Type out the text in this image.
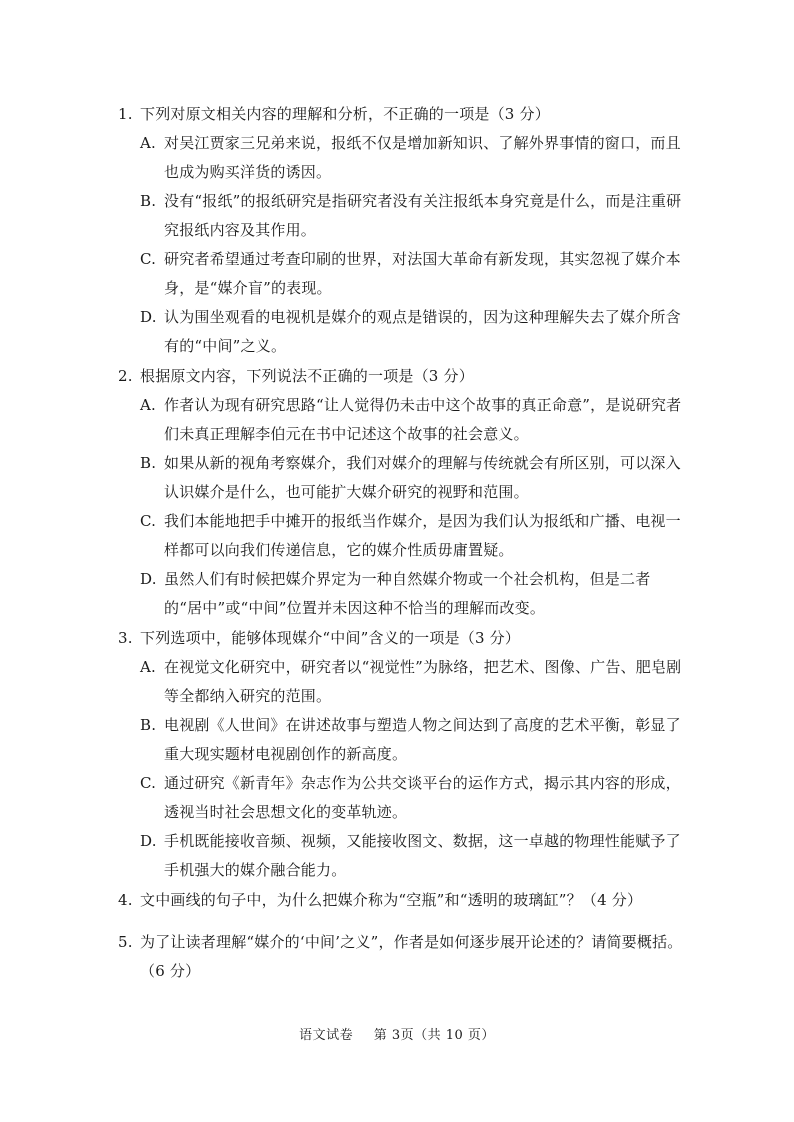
1. 下列对原文相关内容的理解和分析，不正确的一项是（3 分）
A. 对吴江贾家三兄弟来说，报纸不仅是增加新知识、了解外界事情的窗口，而且也成为购买洋货的诱因。
B. 没有“报纸”的报纸研究是指研究者没有关注报纸本身究竟是什么，而是注重研究报纸内容及其作用。
C. 研究者希望通过考查印刷的世界，对法国大革命有新发现，其实忽视了媒介本身，是“媒介盲”的表现。
D. 认为围坐观看的电视机是媒介的观点是错误的，因为这种理解失去了媒介所含有的“中间”之义。
2. 根据原文内容，下列说法不正确的一项是（3 分）
A. 作者认为现有研究思路“让人觉得仍未击中这个故事的真正命意”，是说研究者们未真正理解李伯元在书中记述这个故事的社会意义。
B. 如果从新的视角考察媒介，我们对媒介的理解与传统就会有所区别，可以深入认识媒介是什么，也可能扩大媒介研究的视野和范围。
C. 我们本能地把手中摊开的报纸当作媒介，是因为我们认为报纸和广播、电视一样都可以向我们传递信息，它的媒介性质毋庸置疑。
D. 虽然人们有时候把媒介界定为一种自然媒介物或一个社会机构，但是二者的“居中”或“中间”位置并未因这种不恰当的理解而改变。
3. 下列选项中，能够体现媒介“中间”含义的一项是（3 分）
A. 在视觉文化研究中，研究者以“视觉性”为脉络，把艺术、图像、广告、肥皂剧等全都纳入研究的范围。
B. 电视剧《人世间》在讲述故事与塑造人物之间达到了高度的艺术平衡，彰显了重大现实题材电视剧创作的新高度。
C. 通过研究《新青年》杂志作为公共交谈平台的运作方式，揭示其内容的形成，透视当时社会思想文化的变革轨迹。
D. 手机既能接收音频、视频，又能接收图文、数据，这一卓越的物理性能赋予了手机强大的媒介融合能力。
4. 文中画线的句子中，为什么把媒介称为“空瓶”和“透明的玻璃缸”？（4 分）
5. 为了让读者理解“媒介的‘中间’之义”，作者是如何逐步展开论述的？请简要概括。（6 分）
语文试卷 第 3页（共 10 页）
